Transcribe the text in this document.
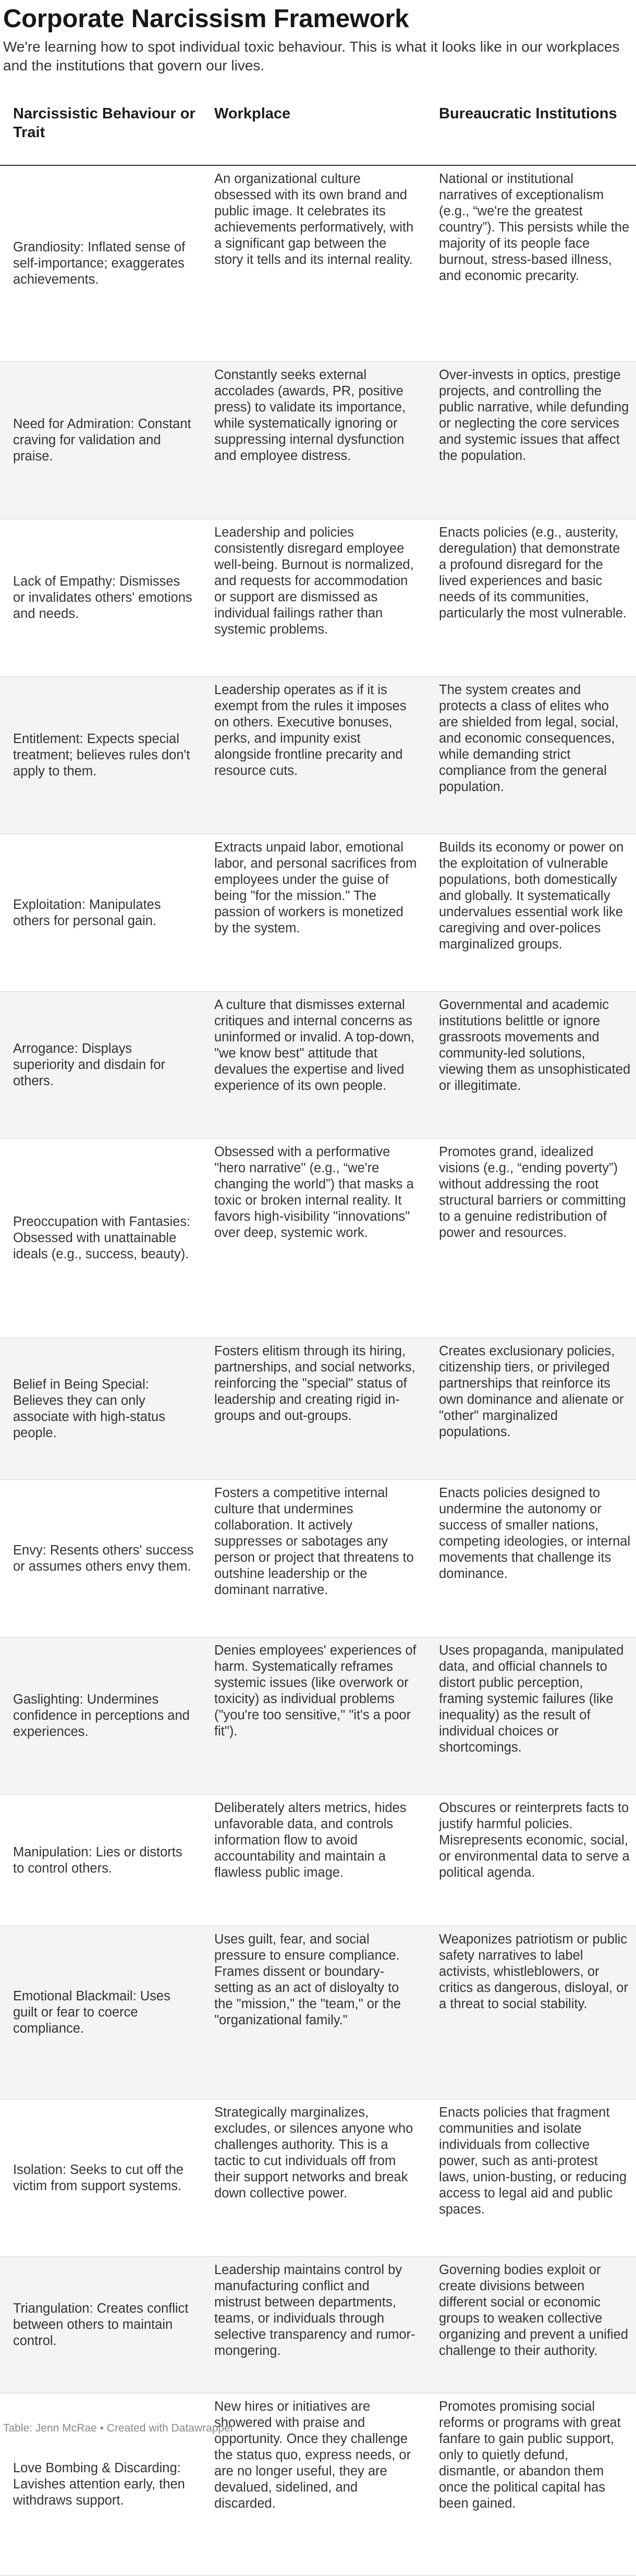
Corporate Narcissism Framework

We're learning how to spot individual toxic behaviour. This is what it looks like in our workplaces and the institutions that govern our lives.

Narcissistic Behaviour or Trait
Workplace	Bureaucratic Institutions
Grandiosity: Inflated sense of self-importance; exaggerates achievements.
An organizational culture obsessed with its own brand and public image. It celebrates its achievements performatively, with a significant gap between the story it tells and its internal reality.
National or institutional narratives of exceptionalism (e.g., “we're the greatest country”). This persists while the majority of its people face burnout, stress-based illness, and economic precarity.
Need for Admiration: Constant craving for validation and praise.
Constantly seeks external accolades (awards, PR, positive press) to validate its importance, while systematically ignoring or suppressing internal dysfunction and employee distress.
Over-invests in optics, prestige projects, and controlling the public narrative, while defunding or neglecting the core services and systemic issues that affect the population.
Lack of Empathy: Dismisses or invalidates others' emotions and needs.
Leadership and policies consistently disregard employee well-being. Burnout is normalized, and requests for accommodation or support are dismissed as individual failings rather than systemic problems.
Enacts policies (e.g., austerity, deregulation) that demonstrate a profound disregard for the lived experiences and basic needs of its communities, particularly the most vulnerable.
Entitlement: Expects special treatment; believes rules don't apply to them.
Leadership operates as if it is exempt from the rules it imposes on others. Executive bonuses, perks, and impunity exist alongside frontline precarity and resource cuts.
The system creates and protects a class of elites who are shielded from legal, social, and economic consequences, while demanding strict compliance from the general population.
Exploitation: Manipulates others for personal gain.
Extracts unpaid labor, emotional labor, and personal sacrifices from employees under the guise of being "for the mission." The passion of workers is monetized by the system.
Builds its economy or power on the exploitation of vulnerable populations, both domestically and globally. It systematically undervalues essential work like caregiving and over-polices marginalized groups.
Arrogance: Displays superiority and disdain for others.
A culture that dismisses external critiques and internal concerns as uninformed or invalid. A top-down, "we know best" attitude that devalues the expertise and lived experience of its own people.
Governmental and academic institutions belittle or ignore grassroots movements and community-led solutions, viewing them as unsophisticated or illegitimate.
Preoccupation with Fantasies: Obsessed with unattainable ideals (e.g., success, beauty).
Obsessed with a performative "hero narrative" (e.g., “we're changing the world”) that masks a toxic or broken internal reality. It favors high-visibility "innovations" over deep, systemic work.
Promotes grand, idealized visions (e.g., “ending poverty”) without addressing the root structural barriers or committing to a genuine redistribution of power and resources.
Belief in Being Special: Believes they can only associate with high-status people.
Fosters elitism through its hiring, partnerships, and social networks, reinforcing the "special" status of leadership and creating rigid in-groups and out-groups.
Creates exclusionary policies, citizenship tiers, or privileged partnerships that reinforce its own dominance and alienate or "other" marginalized populations.
Envy: Resents others' success or assumes others envy them.
Fosters a competitive internal culture that undermines collaboration. It actively suppresses or sabotages any person or project that threatens to outshine leadership or the dominant narrative.
Enacts policies designed to undermine the autonomy or success of smaller nations, competing ideologies, or internal movements that challenge its dominance.
Gaslighting: Undermines confidence in perceptions and experiences.
Denies employees' experiences of harm. Systematically reframes systemic issues (like overwork or toxicity) as individual problems ("you're too sensitive," "it's a poor fit").
Uses propaganda, manipulated data, and official channels to distort public perception, framing systemic failures (like inequality) as the result of individual choices or shortcomings.
Manipulation: Lies or distorts to control others.
Deliberately alters metrics, hides unfavorable data, and controls information flow to avoid accountability and maintain a flawless public image.
Obscures or reinterprets facts to justify harmful policies. Misrepresents economic, social, or environmental data to serve a political agenda.
Emotional Blackmail: Uses guilt or fear to coerce compliance.
Uses guilt, fear, and social pressure to ensure compliance. Frames dissent or boundary-setting as an act of disloyalty to the "mission," the "team," or the "organizational family."
Weaponizes patriotism or public safety narratives to label activists, whistleblowers, or critics as dangerous, disloyal, or a threat to social stability.
Isolation: Seeks to cut off the victim from support systems.
Strategically marginalizes, excludes, or silences anyone who challenges authority. This is a tactic to cut individuals off from their support networks and break down collective power.
Enacts policies that fragment communities and isolate individuals from collective power, such as anti-protest laws, union-busting, or reducing access to legal aid and public spaces.
Triangulation: Creates conflict between others to maintain control.
Leadership maintains control by manufacturing conflict and mistrust between departments, teams, or individuals through selective transparency and rumor-mongering.
Governing bodies exploit or create divisions between different social or economic groups to weaken collective organizing and prevent a unified challenge to their authority.
Love Bombing & Discarding: Lavishes attention early, then withdraws support.
New hires or initiatives are showered with praise and opportunity. Once they challenge the status quo, express needs, or are no longer useful, they are devalued, sidelined, and discarded.
Promotes promising social reforms or programs with great fanfare to gain public support, only to quietly defund, dismantle, or abandon them once the political capital has been gained.
Table: Jenn McRae • Created with Datawrapper
